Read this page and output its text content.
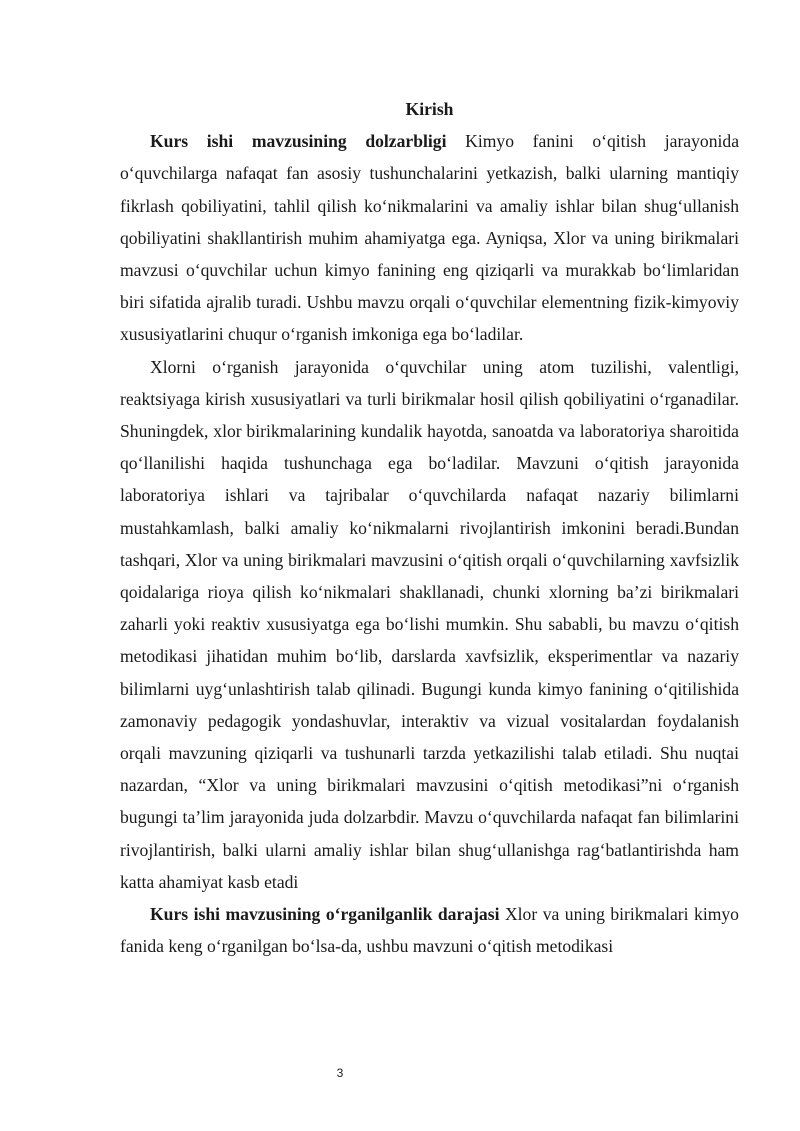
Kirish

Kurs ishi mavzusining dolzarbligi Kimyo fanini o‘qitish jarayonida o‘quvchilarga nafaqat fan asosiy tushunchalarini yetkazish, balki ularning mantiqiy fikrlash qobiliyatini, tahlil qilish ko‘nikmalarini va amaliy ishlar bilan shug‘ullanish qobiliyatini shakllantirish muhim ahamiyatga ega. Ayniqsa, Xlor va uning birikmalari mavzusi o‘quvchilar uchun kimyo fanining eng qiziqarli va murakkab bo‘limlaridan biri sifatida ajralib turadi. Ushbu mavzu orqali o‘quvchilar elementning fizik-kimyoviy xususiyatlarini chuqur o‘rganish imkoniga ega bo‘ladilar.

Xlorni o‘rganish jarayonida o‘quvchilar uning atom tuzilishi, valentligi, reaktsiyaga kirish xususiyatlari va turli birikmalar hosil qilish qobiliyatini o‘rganadilar. Shuningdek, xlor birikmalarining kundalik hayotda, sanoatda va laboratoriya sharoitida qo‘llanilishi haqida tushunchaga ega bo‘ladilar. Mavzuni o‘qitish jarayonida laboratoriya ishlari va tajribalar o‘quvchilarda nafaqat nazariy bilimlarni mustahkamlash, balki amaliy ko‘nikmalarni rivojlantirish imkonini beradi.Bundan tashqari, Xlor va uning birikmalari mavzusini o‘qitish orqali o‘quvchilarning xavfsizlik qoidalariga rioya qilish ko‘nikmalari shakllanadi, chunki xlorning ba’zi birikmalari zaharli yoki reaktiv xususiyatga ega bo‘lishi mumkin. Shu sababli, bu mavzu o‘qitish metodikasi jihatidan muhim bo‘lib, darslarda xavfsizlik, eksperimentlar va nazariy bilimlarni uyg‘unlashtirish talab qilinadi. Bugungi kunda kimyo fanining o‘qitilishida zamonaviy pedagogik yondashuvlar, interaktiv va vizual vositalardan foydalanish orqali mavzuning qiziqarli va tushunarli tarzda yetkazilishi talab etiladi. Shu nuqtai nazardan, “Xlor va uning birikmalari mavzusini o‘qitish metodikasi”ni o‘rganish bugungi ta’lim jarayonida juda dolzarbdir. Mavzu o‘quvchilarda nafaqat fan bilimlarini rivojlantirish, balki ularni amaliy ishlar bilan shug‘ullanishga rag‘batlantirishda ham katta ahamiyat kasb etadi

Kurs ishi mavzusining o‘rganilganlik darajasi Xlor va uning birikmalari kimyo fanida keng o‘rganilgan bo‘lsa-da, ushbu mavzuni o‘qitish metodikasi

3
